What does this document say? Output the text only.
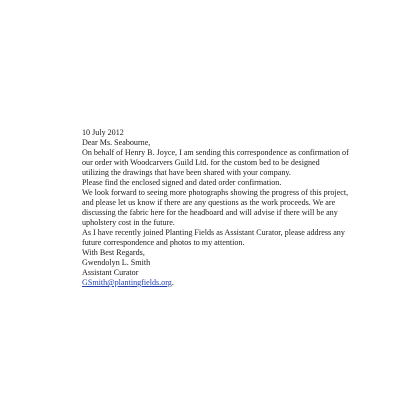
10 July 2012

Dear Ms. Seabourne,

On behalf of Henry B. Joyce, I am sending this correspondence as confirmation of
our order with Woodcarvers Guild Ltd. for the custom bed to be designed
utilizing the drawings that have been shared with your company.

Please find the enclosed signed and dated order confirmation.

We look forward to seeing more photographs showing the progress of this project,
and please let us know if there are any questions as the work proceeds. We are
discussing the fabric here for the headboard and will advise if there will be any
upholstery cost in the future.

As I have recently joined Planting Fields as Assistant Curator, please address any
future correspondence and photos to my attention.

With Best Regards,

Gwendolyn L. Smith

Assistant Curator

GSmith@plantingfields.org.
